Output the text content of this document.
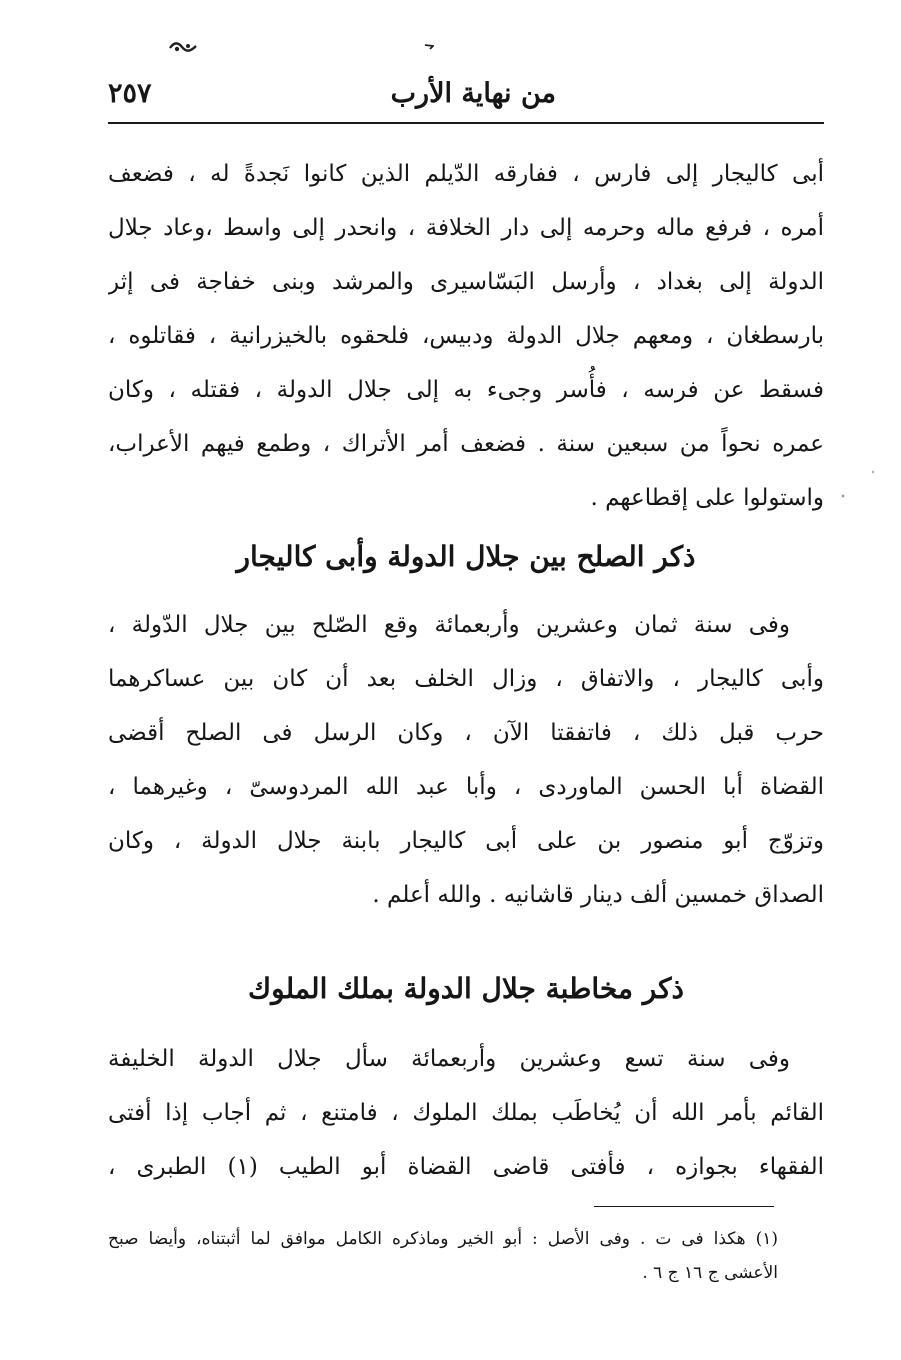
من نهاية الأرب
٢٥٧

أبى كاليجار إلى فارس ، ففارقه الدّيلم الذين كانوا نَجدةً له ، فضعف
أمره ، فرفع ماله وحرمه إلى دار الخلافة ، وانحدر إلى واسط ،وعاد جلال
الدولة إلى بغداد ، وأرسل البَسّاسيرى والمرشد وبنى خفاجة فى إثر
بارسطغان ، ومعهم جلال الدولة ودبيس، فلحقوه بالخيزرانية ، فقاتلوه ،
فسقط عن فرسه ، فأُسر وجىء به إلى جلال الدولة ، فقتله ، وكان
عمره نحواً من سبعين سنة . فضعف أمر الأتراك ، وطمع فيهم الأعراب،
واستولوا على إقطاعهم .

ذكر الصلح بين جلال الدولة وأبى كاليجار

وفى سنة ثمان وعشرين وأربعمائة وقع الصّلح بين جلال الدّولة ،
وأبى كاليجار ، والاتفاق ، وزال الخلف بعد أن كان بين عساكرهما
حرب قبل ذلك ، فاتفقتا الآن ، وكان الرسل فى الصلح أقضى
القضاة أبا الحسن الماوردى ، وأبا عبد الله المردوسىّ ، وغيرهما ،
وتزوّج أبو منصور بن على أبى كاليجار بابنة جلال الدولة ، وكان
الصداق خمسين ألف دينار قاشانيه . والله أعلم .

ذكر مخاطبة جلال الدولة بملك الملوك

وفى سنة تسع وعشرين وأربعمائة سأل جلال الدولة الخليفة
القائم بأمر الله أن يُخاطَب بملك الملوك ، فامتنع ، ثم أجاب إذا أفتى
الفقهاء بجوازه ، فأفتى قاضى القضاة أبو الطيب (١) الطبرى ،

(١) هكذا فى ت . وفى الأصل : أبو الخير وماذكره الكامل موافق لما أثبتناه، وأيضا صبح
الأعشى ج ١٦ ج ٦ .
